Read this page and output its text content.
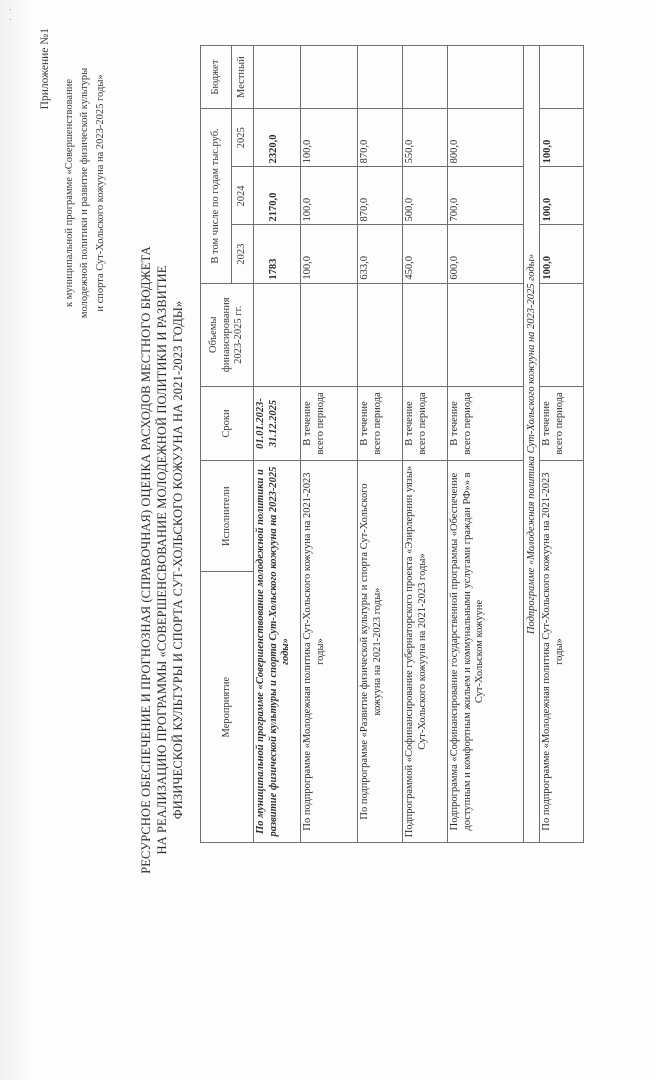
· ·
Приложение №1
к муниципальной программе «Совершенствование молодежной политики и развитие физической культуры и спорта Сут-Хольского кожууна на 2023-2025 годы»
РЕСУРСНОЕ ОБЕСПЕЧЕНИЕ И ПРОГНОЗНАЯ (СПРАВОЧНАЯ) ОЦЕНКА РАСХОДОВ МЕСТНОГО БЮДЖЕТА НА РЕАЛИЗАЦИЮ ПРОГРАММЫ «СОВЕРШЕНСВОВАНИЕ МОЛОДЕЖНОЙ ПОЛИТИКИ И РАЗВИТИЕ ФИЗИЧЕСКОЙ КУЛЬТУРЫ И СПОРТА СУТ-ХОЛЬСКОГО КОЖУУНА НА 2021-2023 ГОДЫ»	Мероприятие	Исполнители	Сроки	Объемы финансирования 2023-2025 гг.	В том числе по годам тыс.руб.			Бюджет
				2023	2024	2025	Местный
По муниципальной программе «Совершенствование молодежной политики и развитие физической культуры и спорта Сут-Хольского кожууна на 2023-2025 годы»		01.01.2023-31.12.2025		1783	2170,0	2320,0	
По подпрограмме «Молодежная политика Сут-Хольского кожууна на 2021-2023 годы»		В течение всего периода		100,0	100,0	100,0	
По подпрограмме «Развитие физической культуры и спорта Сут-Хольского кожууна на 2021-2023 годы»		В течение всего периода		633,0	870,0	870,0	
Подпрограммой «Софинансирование губернаторского проекта «Эзирлернин уязы» Сут-Хольского кожууна на 2021-2023 годы»		В течение всего периода		450,0	500,0	550,0	
Подпрограмма «Софинансирование государственной программы «Обеспечение доступным и комфортным жильем и коммунальными услугами граждан РФ»» в Сут-Хольском кожууне		В течение всего периода		600,0	700,0	800,0	
Подпрограмме «Молодежная политика Сут-Хольского кожууна на 2023-2025 годы»							
По подпрограмме «Молодежная политика Сут-Хольского кожууна на 2021-2023 годы»		В течение всего периода		100,0	100,0	100,0	
